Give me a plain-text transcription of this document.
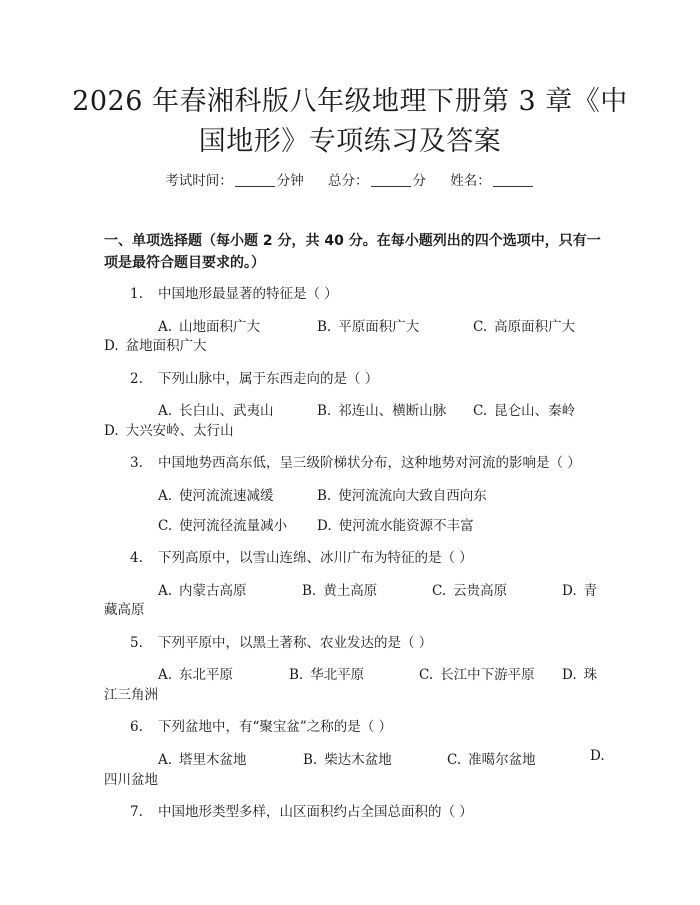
2026 年春湘科版八年级地理下册第 3 章《中
国地形》专项练习及答案
考试时间：	分钟 总分：	分 姓名：
一、单项选择题（每小题 2 分，共 40 分。在每小题列出的四个选项中，只有一项是最符合题目要求的。）
1. 中国地形最显著的特征是（ ）
A. 山地面积广大	B. 平原面积广大	C. 高原面积广大
D. 盆地面积广大
2. 下列山脉中，属于东西走向的是（ ）
A. 长白山、武夷山	B. 祁连山、横断山脉 C. 昆仑山、秦岭
D. 大兴安岭、太行山
3. 中国地势西高东低，呈三级阶梯状分布，这种地势对河流的影响是（ ）
A. 使河流流速减缓	B. 使河流流向大致自西向东
C. 使河流径流量减小 D. 使河流水能资源不丰富
4. 下列高原中，以雪山连绵、冰川广布为特征的是（ ）
A. 内蒙古高原	B. 黄土高原	C. 云贵高原	D. 青
藏高原
5. 下列平原中，以黑土著称、农业发达的是（ ）
A. 东北平原	B. 华北平原	C. 长江中下游平原 D. 珠
江三角洲
6. 下列盆地中，有“聚宝盆”之称的是（ ）
A. 塔里木盆地	B. 柴达木盆地	C. 准噶尔盆地	D.
四川盆地
7. 中国地形类型多样，山区面积约占全国总面积的（ ）
